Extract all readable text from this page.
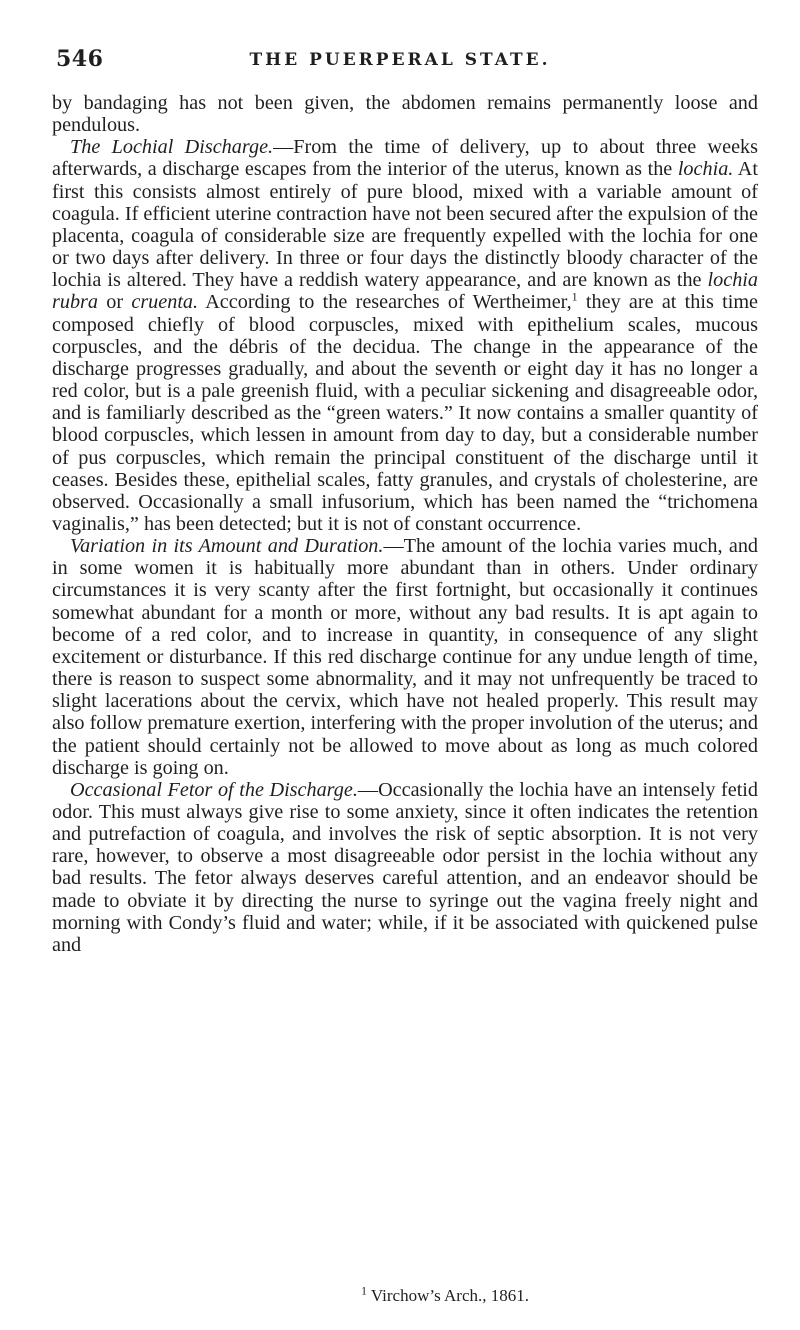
546	THE PUERPERAL STATE.

by bandaging has not been given, the abdomen remains permanently loose and pendulous.

The Lochial Discharge.—From the time of delivery, up to about three weeks afterwards, a discharge escapes from the interior of the uterus, known as the lochia. At first this consists almost entirely of pure blood, mixed with a variable amount of coagula. If efficient uterine contraction have not been secured after the expulsion of the placenta, coagula of considerable size are frequently expelled with the lochia for one or two days after delivery. In three or four days the distinctly bloody character of the lochia is altered. They have a reddish watery appearance, and are known as the lochia rubra or cruenta. According to the researches of Wertheimer,$^1$ they are at this time composed chiefly of blood corpuscles, mixed with epithelium scales, mucous corpuscles, and the débris of the decidua. The change in the appearance of the discharge progresses gradually, and about the seventh or eight day it has no longer a red color, but is a pale greenish fluid, with a peculiar sickening and disagreeable odor, and is familiarly described as the “green waters.” It now contains a smaller quantity of blood corpuscles, which lessen in amount from day to day, but a considerable number of pus corpuscles, which remain the principal constituent of the discharge until it ceases. Besides these, epithelial scales, fatty granules, and crystals of cholesterine, are observed. Occasionally a small infusorium, which has been named the “trichomena vaginalis,” has been detected; but it is not of constant occurrence.

Variation in its Amount and Duration.—The amount of the lochia varies much, and in some women it is habitually more abundant than in others. Under ordinary circumstances it is very scanty after the first fortnight, but occasionally it continues somewhat abundant for a month or more, without any bad results. It is apt again to become of a red color, and to increase in quantity, in consequence of any slight excitement or disturbance. If this red discharge continue for any undue length of time, there is reason to suspect some abnormality, and it may not unfrequently be traced to slight lacerations about the cervix, which have not healed properly. This result may also follow premature exertion, interfering with the proper involution of the uterus; and the patient should certainly not be allowed to move about as long as much colored discharge is going on.

Occasional Fetor of the Discharge.—Occasionally the lochia have an intensely fetid odor. This must always give rise to some anxiety, since it often indicates the retention and putrefaction of coagula, and involves the risk of septic absorption. It is not very rare, however, to observe a most disagreeable odor persist in the lochia without any bad results. The fetor always deserves careful attention, and an endeavor should be made to obviate it by directing the nurse to syringe out the vagina freely night and morning with Condy’s fluid and water; while, if it be associated with quickened pulse and

$^1$ Virchow’s Arch., 1861.
